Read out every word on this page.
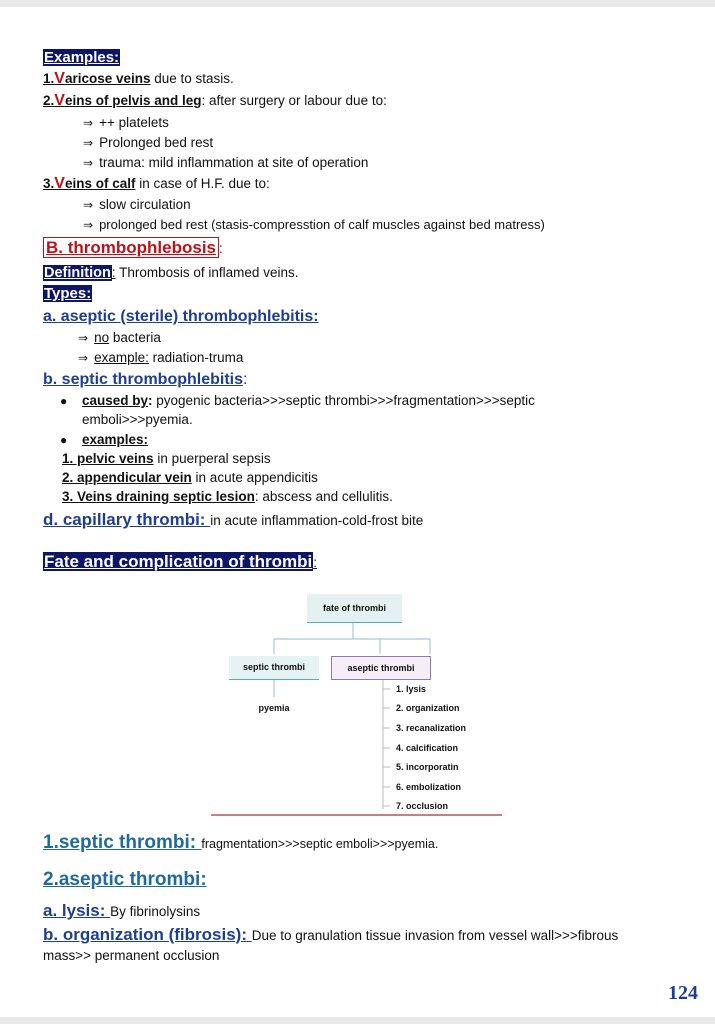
Examples:
1.Varicose veins due to stasis.
2.Veins of pelvis and leg: after surgery or labour due to:
⇒ ++ platelets
⇒ Prolonged bed rest
⇒ trauma: mild inflammation at site of operation
3.Veins of calf in case of H.F. due to:
⇒ slow circulation
⇒ prolonged bed rest (stasis-compresstion of calf muscles against bed matress)
B. thrombophlebosis :
Definition: Thrombosis of inflamed veins.
Types:
a. aseptic (sterile) thrombophlebitis:
⇒ no bacteria
⇒ example: radiation-truma
b. septic thrombophlebitis:
● caused by: pyogenic bacteria>>>septic thrombi>>>fragmentation>>>septic
emboli>>>pyemia.
● examples:
1. pelvic veins in puerperal sepsis
2. appendicular vein in acute appendicitis
3. Veins draining septic lesion: abscess and cellulitis.
d. capillary thrombi: in acute inflammation-cold-frost bite
Fate and complication of thrombi:
fate of thrombi
septic thrombi	aseptic thrombi
pyemia
1. lysis
2. organization
3. recanalization
4. calcification
5. incorporatin
6. embolization
7. occlusion
1.septic thrombi: fragmentation>>>septic emboli>>>pyemia.
2.aseptic thrombi:
a. lysis: By fibrinolysins
b. organization (fibrosis): Due to granulation tissue invasion from vessel wall>>>fibrous
mass>> permanent occlusion
124
